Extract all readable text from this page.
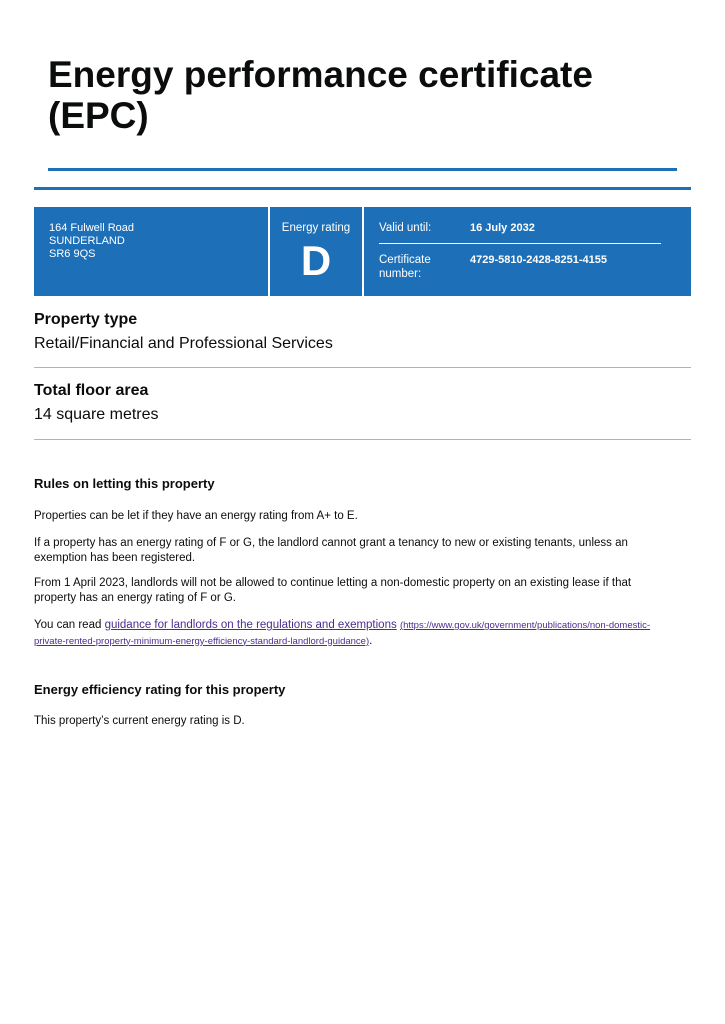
Energy performance certificate (EPC)
164 Fulwell Road
SUNDERLAND
SR6 9QS
Energy rating
D
Valid until:	16 July 2032
Certificate
number:
4729-5810-2428-8251-4155
Property type
Retail/Financial and Professional Services
Total floor area
14 square metres
Rules on letting this property

Properties can be let if they have an energy rating from A+ to E.

If a property has an energy rating of F or G, the landlord cannot grant a tenancy to new or existing tenants, unless an exemption has been registered.

From 1 April 2023, landlords will not be allowed to continue letting a non-domestic property on an existing lease if that property has an energy rating of F or G.

You can read guidance for landlords on the regulations and exemptions (https://www.gov.uk/government/publications/non-domestic-private-rented-property-minimum-energy-efficiency-standard-landlord-guidance).

Energy efficiency rating for this property

This property’s current energy rating is D.
